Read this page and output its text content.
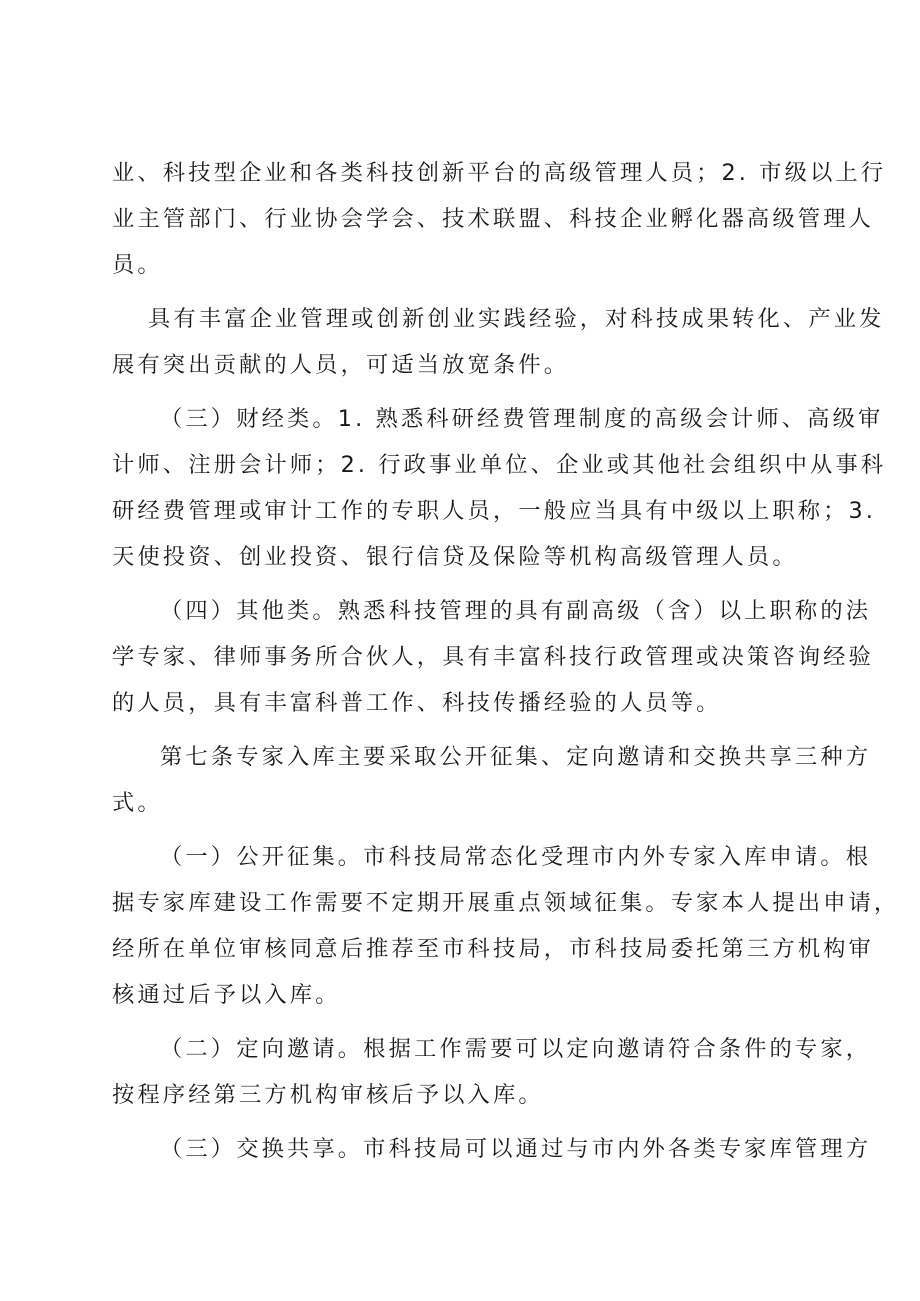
业、科技型企业和各类科技创新平台的高级管理人员；2. 市级以上行
业主管部门、行业协会学会、技术联盟、科技企业孵化器高级管理人
员。
具有丰富企业管理或创新创业实践经验，对科技成果转化、产业发
展有突出贡献的人员，可适当放宽条件。
（三）财经类。1. 熟悉科研经费管理制度的高级会计师、高级审
计师、注册会计师；2. 行政事业单位、企业或其他社会组织中从事科
研经费管理或审计工作的专职人员，一般应当具有中级以上职称；3.
天使投资、创业投资、银行信贷及保险等机构高级管理人员。
（四）其他类。熟悉科技管理的具有副高级（含）以上职称的法
学专家、律师事务所合伙人，具有丰富科技行政管理或决策咨询经验
的人员，具有丰富科普工作、科技传播经验的人员等。
第七条专家入库主要采取公开征集、定向邀请和交换共享三种方
式。
（一）公开征集。市科技局常态化受理市内外专家入库申请。根
据专家库建设工作需要不定期开展重点领域征集。专家本人提出申请，
经所在单位审核同意后推荐至市科技局，市科技局委托第三方机构审
核通过后予以入库。
（二）定向邀请。根据工作需要可以定向邀请符合条件的专家，
按程序经第三方机构审核后予以入库。
（三）交换共享。市科技局可以通过与市内外各类专家库管理方
